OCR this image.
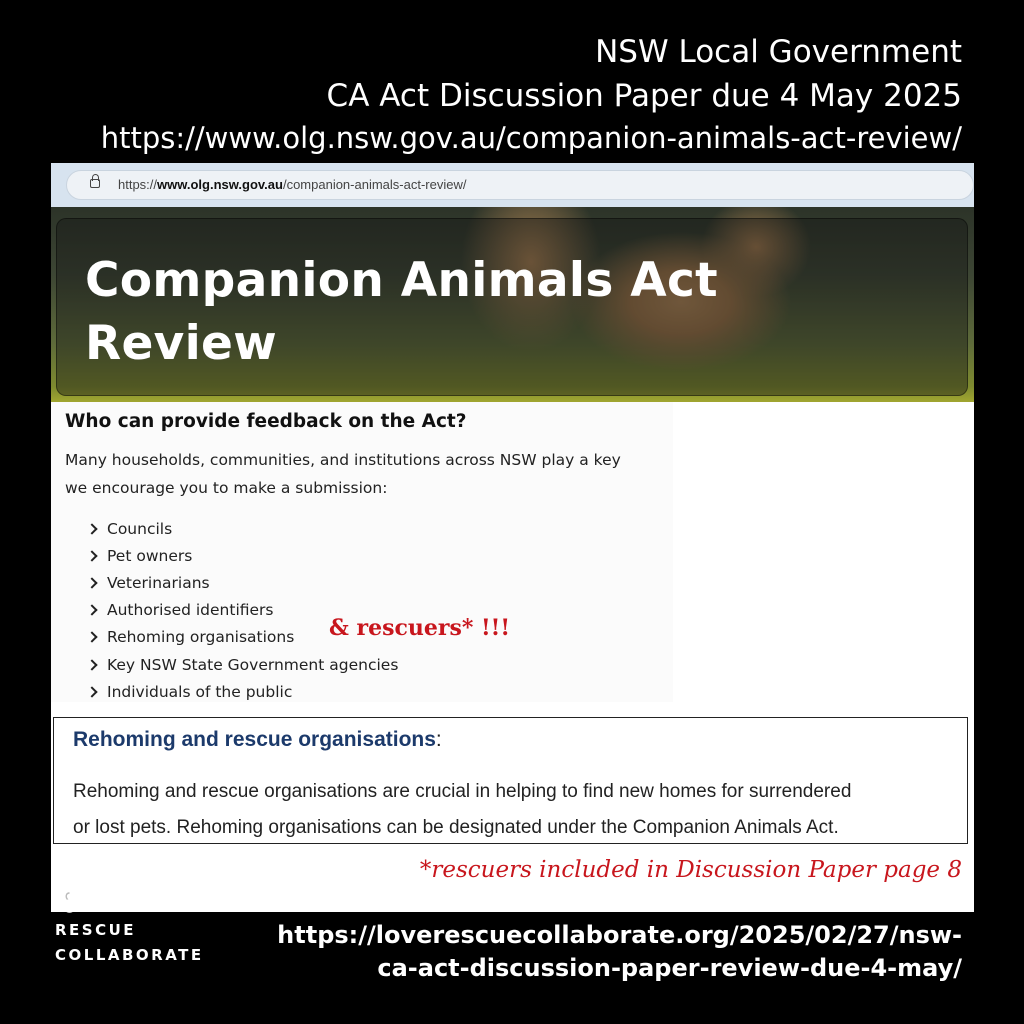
NSW Local Government
CA Act Discussion Paper due 4 May 2025
https://www.olg.nsw.gov.au/companion-animals-act-review/
https://www.olg.nsw.gov.au/companion-animals-act-review/
Companion Animals Act Review
Who can provide feedback on the Act?
Many households, communities, and institutions across NSW play a key
we encourage you to make a submission:
Councils
Pet owners
Veterinarians
Authorised identifiers
Rehoming organisations
Key NSW State Government agencies
Individuals of the public
& rescuers* !!!
Rehoming and rescue organisations:
Rehoming and rescue organisations are crucial in helping to find new homes for surrendered
or lost pets. Rehoming organisations can be designated under the Companion Animals Act.
*rescuers included in Discussion Paper page 8
LOVE
RESCUE
COLLABORATE
https://loverescuecollaborate.org/2025/02/27/nsw-
ca-act-discussion-paper-review-due-4-may/
